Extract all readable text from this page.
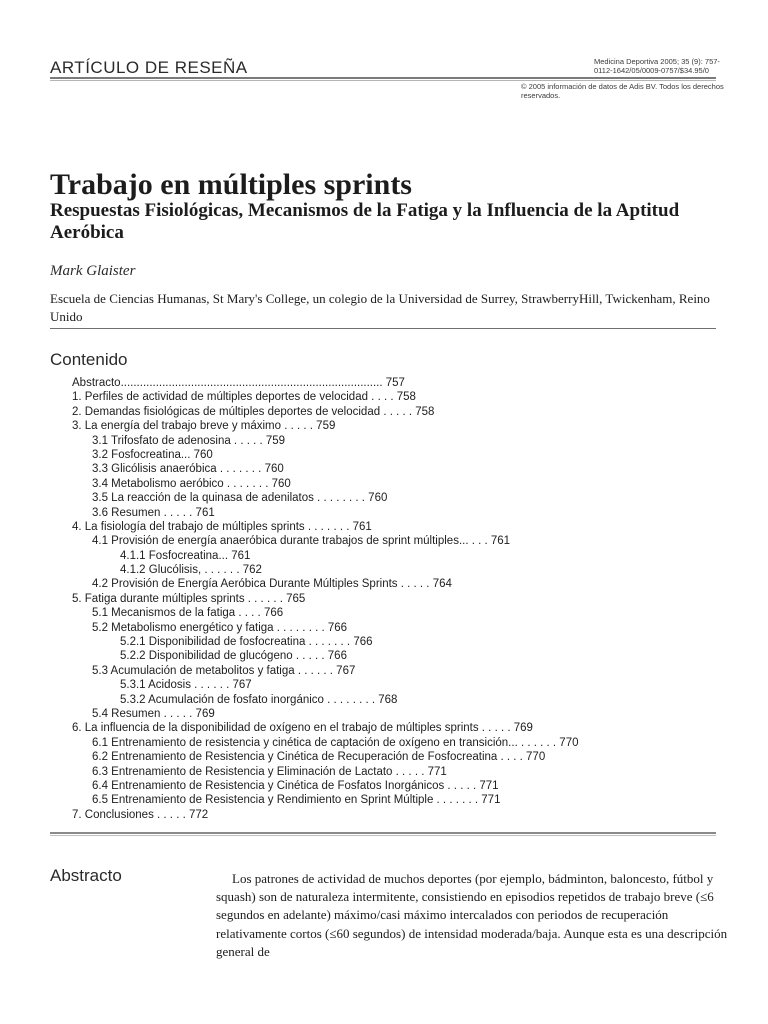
ARTÍCULO DE RESEÑA	Medicina Deportiva 2005; 35 (9): 757-0112-1642/05/0009-0757/$34.95/0
© 2005 información de datos de Adis BV. Todos los derechos reservados.
Trabajo en múltiples sprints
Respuestas Fisiológicas, Mecanismos de la Fatiga y la Influencia de la Aptitud Aeróbica
Mark Glaister
Escuela de Ciencias Humanas, St Mary's College, un colegio de la Universidad de Surrey, StrawberryHill, Twickenham, Reino Unido
Contenido
Abstracto.................................................................................. 757
1. Perfiles de actividad de múltiples deportes de velocidad . . . . 758
2. Demandas fisiológicas de múltiples deportes de velocidad . . . . . 758
3. La energía del trabajo breve y máximo . . . . . 759
3.1 Trifosfato de adenosina . . . . . 759
3.2 Fosfocreatina... 760
3.3 Glicólisis anaeróbica . . . . . . . 760
3.4 Metabolismo aeróbico . . . . . . . 760
3.5 La reacción de la quinasa de adenilatos . . . . . . . . 760
3.6 Resumen . . . . . 761
4. La fisiología del trabajo de múltiples sprints . . . . . . . 761
4.1 Provisión de energía anaeróbica durante trabajos de sprint múltiples... . . . 761
4.1.1 Fosfocreatina... 761
4.1.2 Glucólisis, . . . . . . 762
4.2 Provisión de Energía Aeróbica Durante Múltiples Sprints . . . . . 764
5. Fatiga durante múltiples sprints . . . . . . 765
5.1 Mecanismos de la fatiga . . . . 766
5.2 Metabolismo energético y fatiga . . . . . . . . 766
5.2.1 Disponibilidad de fosfocreatina . . . . . . . 766
5.2.2 Disponibilidad de glucógeno . . . . . 766
5.3 Acumulación de metabolitos y fatiga . . . . . . 767
5.3.1 Acidosis . . . . . . 767
5.3.2 Acumulación de fosfato inorgánico . . . . . . . . 768
5.4 Resumen . . . . . 769
6. La influencia de la disponibilidad de oxígeno en el trabajo de múltiples sprints . . . . . 769
6.1 Entrenamiento de resistencia y cinética de captación de oxígeno en transición... . . . . . . 770
6.2 Entrenamiento de Resistencia y Cinética de Recuperación de Fosfocreatina . . . . 770
6.3 Entrenamiento de Resistencia y Eliminación de Lactato . . . . . 771
6.4 Entrenamiento de Resistencia y Cinética de Fosfatos Inorgánicos . . . . . 771
6.5 Entrenamiento de Resistencia y Rendimiento en Sprint Múltiple . . . . . . . 771
7. Conclusiones . . . . . 772
Abstracto	Los patrones de actividad de muchos deportes (por ejemplo, bádminton, baloncesto, fútbol y squash) son de naturaleza intermitente, consistiendo en episodios repetidos de trabajo breve (≤6 segundos en adelante) máximo/casi máximo intercalados con periodos de recuperación relativamente cortos (≤60 segundos) de intensidad moderada/baja. Aunque esta es una descripción general de
